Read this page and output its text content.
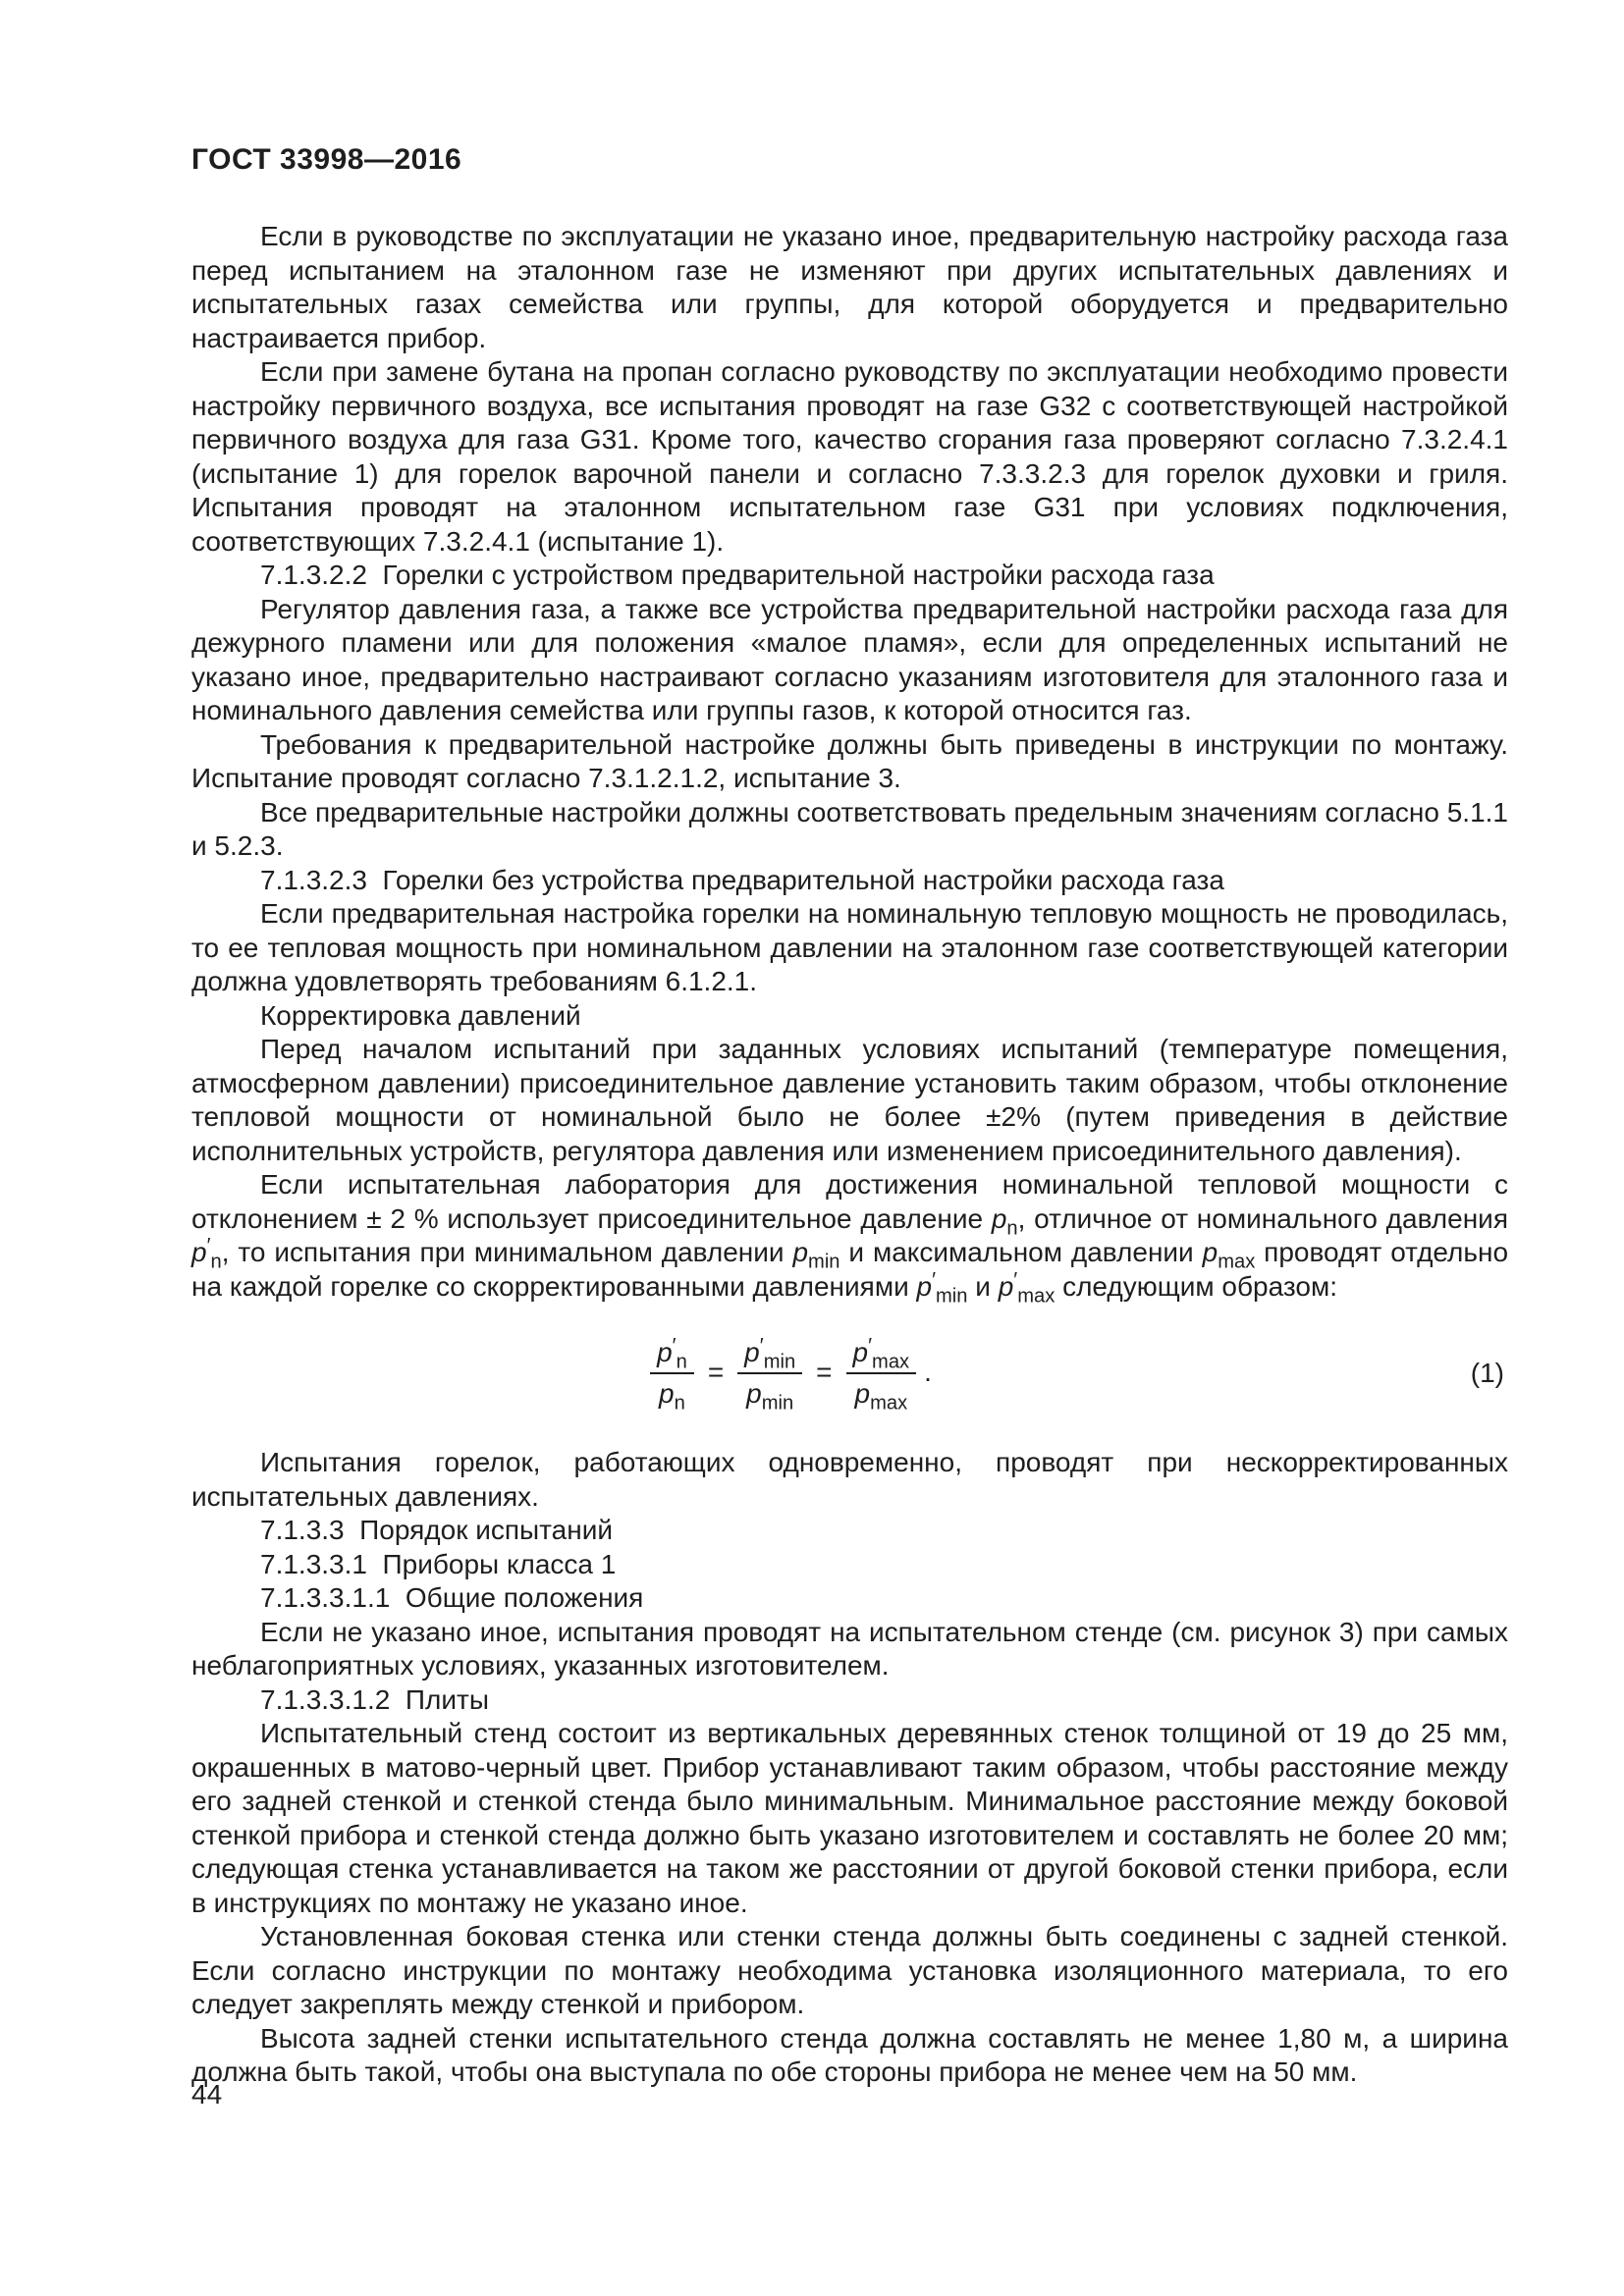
ГОСТ 33998—2016

Если в руководстве по эксплуатации не указано иное, предварительную настройку расхода газа перед испытанием на эталонном газе не изменяют при других испытательных давлениях и испытательных газах семейства или группы, для которой оборудуется и предварительно настраивается прибор.

Если при замене бутана на пропан согласно руководству по эксплуатации необходимо провести настройку первичного воздуха, все испытания проводят на газе G32 с соответствующей настройкой первичного воздуха для газа G31. Кроме того, качество сгорания газа проверяют согласно 7.3.2.4.1 (испытание 1) для горелок варочной панели и согласно 7.3.3.2.3 для горелок духовки и гриля. Испытания проводят на эталонном испытательном газе G31 при условиях подключения, соответствующих 7.3.2.4.1 (испытание 1).

7.1.3.2.2  Горелки с устройством предварительной настройки расхода газа

Регулятор давления газа, а также все устройства предварительной настройки расхода газа для дежурного пламени или для положения «малое пламя», если для определенных испытаний не указано иное, предварительно настраивают согласно указаниям изготовителя для эталонного газа и номинального давления семейства или группы газов, к которой относится газ.

Требования к предварительной настройке должны быть приведены в инструкции по монтажу. Испытание проводят согласно 7.3.1.2.1.2, испытание 3.

Все предварительные настройки должны соответствовать предельным значениям согласно 5.1.1 и 5.2.3.

7.1.3.2.3  Горелки без устройства предварительной настройки расхода газа

Если предварительная настройка горелки на номинальную тепловую мощность не проводилась, то ее тепловая мощность при номинальном давлении на эталонном газе соответствующей категории должна удовлетворять требованиям 6.1.2.1.

Корректировка давлений

Перед началом испытаний при заданных условиях испытаний (температуре помещения, атмосферном давлении) присоединительное давление установить таким образом, чтобы отклонение тепловой мощности от номинальной было не более ±2% (путем приведения в действие исполнительных устройств, регулятора давления или изменением присоединительного давления).

Если испытательная лаборатория для достижения номинальной тепловой мощности с отклонением ± 2 % использует присоединительное давление $p_n$, отличное от номинального давления $p'_n$, то испытания при минимальном давлении $p_{min}$ и максимальном давлении $p_{max}$ проводят отдельно на каждой горелке со скорректированными давлениями $p'_{min}$ и $p'_{max}$ следующим образом:

$\frac{p'_n}{p_n} = \frac{p'_{min}}{p_{min}} = \frac{p'_{max}}{p_{max}}$ .	(1)

Испытания горелок, работающих одновременно, проводят при нескорректированных испытательных давлениях.

7.1.3.3  Порядок испытаний

7.1.3.3.1  Приборы класса 1

7.1.3.3.1.1  Общие положения

Если не указано иное, испытания проводят на испытательном стенде (см. рисунок 3) при самых неблагоприятных условиях, указанных изготовителем.

7.1.3.3.1.2  Плиты

Испытательный стенд состоит из вертикальных деревянных стенок толщиной от 19 до 25 мм, окрашенных в матово-черный цвет. Прибор устанавливают таким образом, чтобы расстояние между его задней стенкой и стенкой стенда было минимальным. Минимальное расстояние между боковой стенкой прибора и стенкой стенда должно быть указано изготовителем и составлять не более 20 мм; следующая стенка устанавливается на таком же расстоянии от другой боковой стенки прибора, если в инструкциях по монтажу не указано иное.

Установленная боковая стенка или стенки стенда должны быть соединены с задней стенкой. Если согласно инструкции по монтажу необходима установка изоляционного материала, то его следует закреплять между стенкой и прибором.

Высота задней стенки испытательного стенда должна составлять не менее 1,80 м, а ширина должна быть такой, чтобы она выступала по обе стороны прибора не менее чем на 50 мм.

44
